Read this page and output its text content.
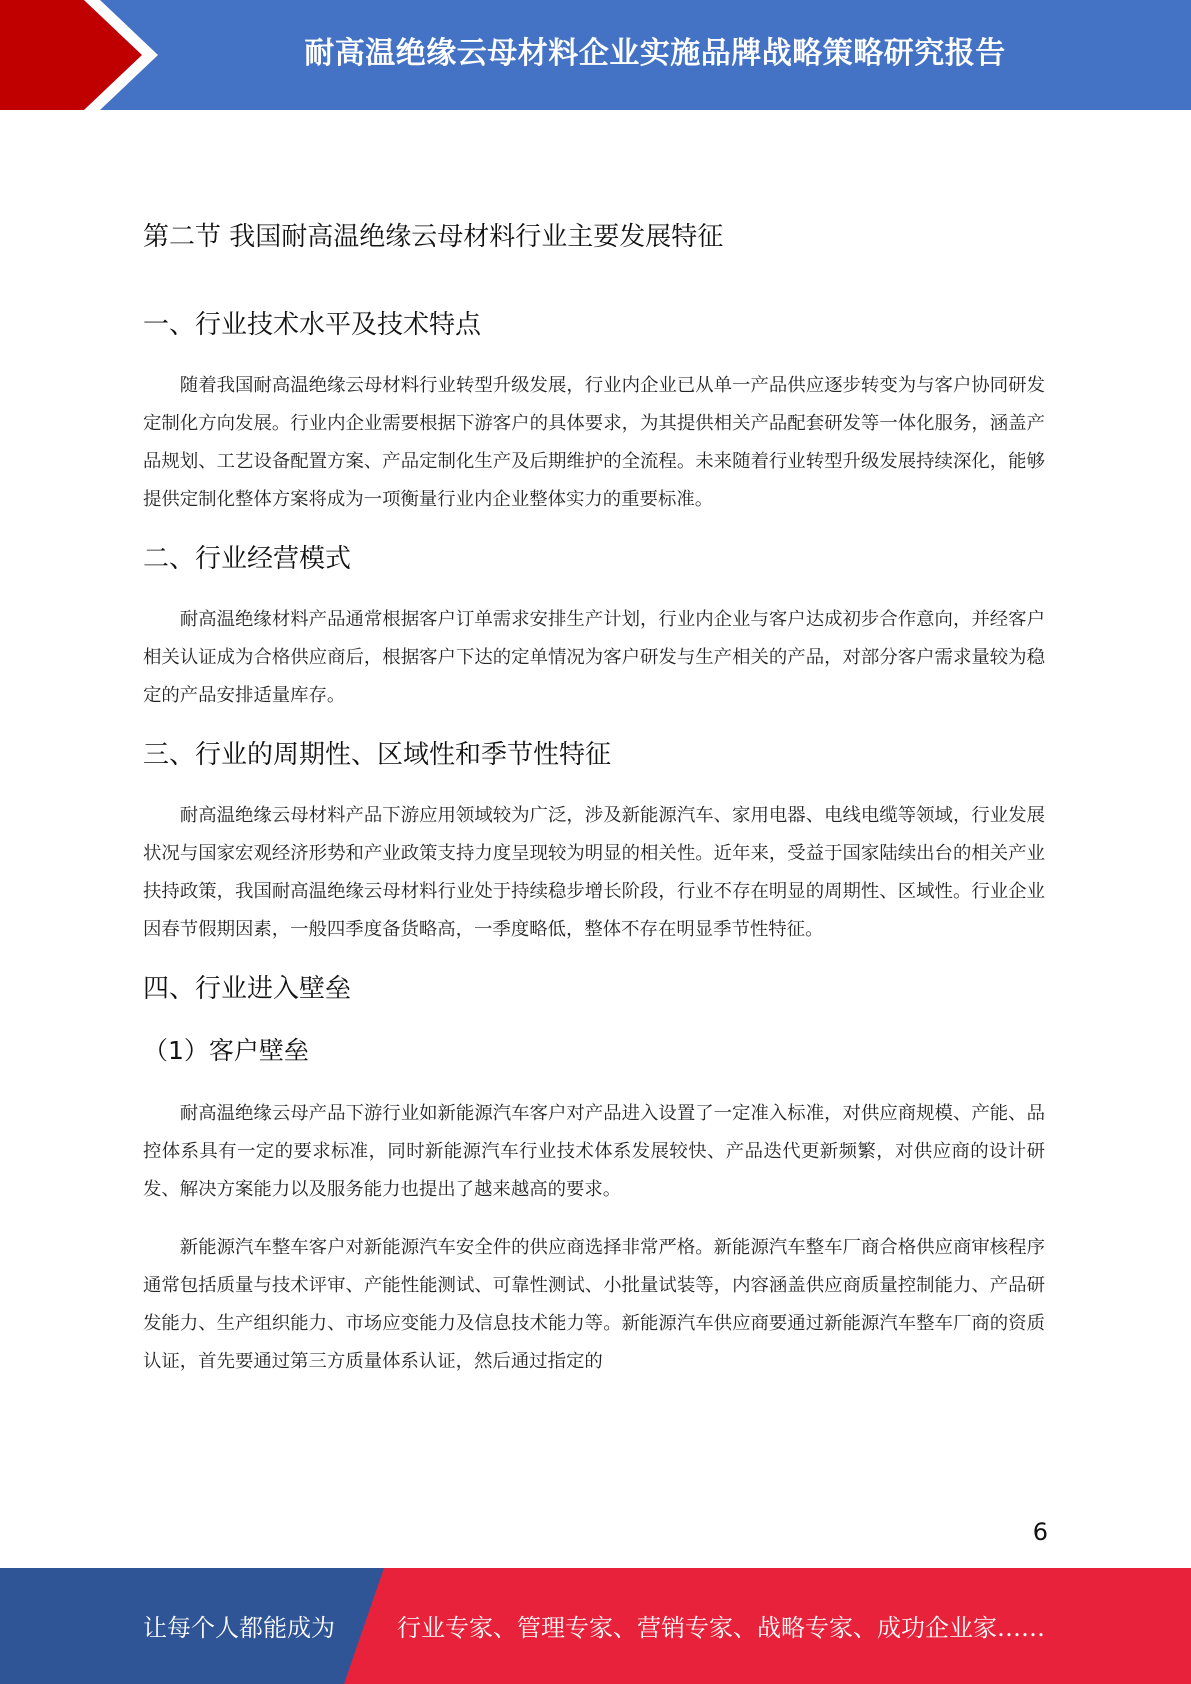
耐高温绝缘云母材料企业实施品牌战略策略研究报告
第二节 我国耐高温绝缘云母材料行业主要发展特征
一、行业技术水平及技术特点

随着我国耐高温绝缘云母材料行业转型升级发展，行业内企业已从单一产品供应逐步转变为与客户协同研发定制化方向发展。行业内企业需要根据下游客户的具体要求，为其提供相关产品配套研发等一体化服务，涵盖产品规划、工艺设备配置方案、产品定制化生产及后期维护的全流程。未来随着行业转型升级发展持续深化，能够提供定制化整体方案将成为一项衡量行业内企业整体实力的重要标准。

二、行业经营模式

耐高温绝缘材料产品通常根据客户订单需求安排生产计划，行业内企业与客户达成初步合作意向，并经客户相关认证成为合格供应商后，根据客户下达的定单情况为客户研发与生产相关的产品，对部分客户需求量较为稳定的产品安排适量库存。

三、行业的周期性、区域性和季节性特征

耐高温绝缘云母材料产品下游应用领域较为广泛，涉及新能源汽车、家用电器、电线电缆等领域，行业发展状况与国家宏观经济形势和产业政策支持力度呈现较为明显的相关性。近年来，受益于国家陆续出台的相关产业扶持政策，我国耐高温绝缘云母材料行业处于持续稳步增长阶段，行业不存在明显的周期性、区域性。行业企业因春节假期因素，一般四季度备货略高，一季度略低，整体不存在明显季节性特征。

四、行业进入壁垒
（1）客户壁垒

耐高温绝缘云母产品下游行业如新能源汽车客户对产品进入设置了一定准入标准，对供应商规模、产能、品控体系具有一定的要求标准，同时新能源汽车行业技术体系发展较快、产品迭代更新频繁，对供应商的设计研发、解决方案能力以及服务能力也提出了越来越高的要求。

新能源汽车整车客户对新能源汽车安全件的供应商选择非常严格。新能源汽车整车厂商合格供应商审核程序通常包括质量与技术评审、产能性能测试、可靠性测试、小批量试装等，内容涵盖供应商质量控制能力、产品研发能力、生产组织能力、市场应变能力及信息技术能力等。新能源汽车供应商要通过新能源汽车整车厂商的资质认证，首先要通过第三方质量体系认证，然后通过指定的

6
让每个人都能成为	行业专家、管理专家、营销专家、战略专家、成功企业家……
